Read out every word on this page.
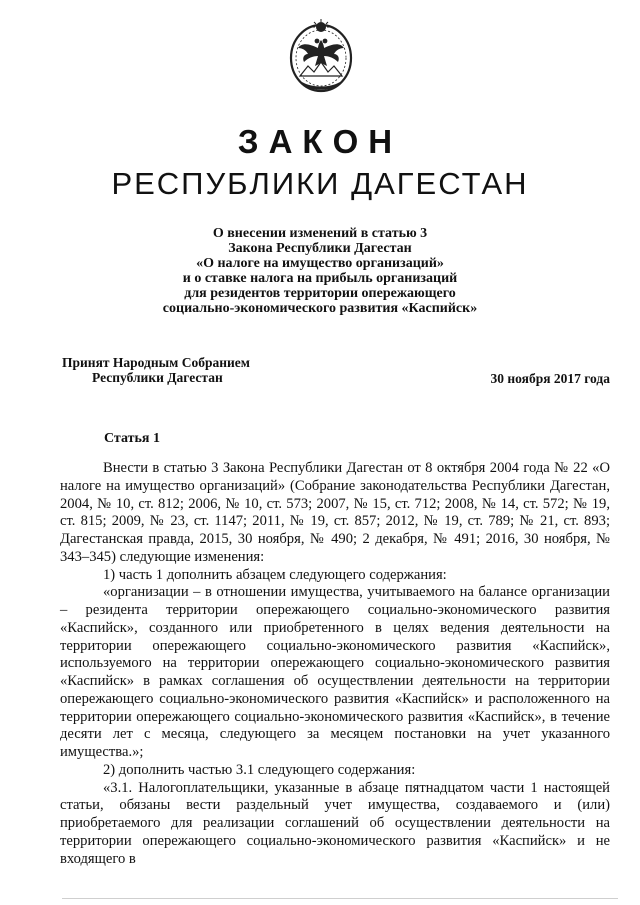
ЗАКОН
РЕСПУБЛИКИ ДАГЕСТАН
О внесении изменений в статью 3
Закона Республики Дагестан
«О налоге на имущество организаций»
и о ставке налога на прибыль организаций
для резидентов территории опережающего
социально-экономического развития «Каспийск»
Принят Народным Собранием
Республики Дагестан	30 ноября 2017 года
Статья 1

Внести в статью 3 Закона Республики Дагестан от 8 октября 2004 года № 22 «О налоге на имущество организаций» (Собрание законодательства Республики Дагестан, 2004, № 10, ст. 812; 2006, № 10, ст. 573; 2007, № 15, ст. 712; 2008, № 14, ст. 572; № 19, ст. 815; 2009, № 23, ст. 1147; 2011, № 19, ст. 857; 2012, № 19, ст. 789; № 21, ст. 893; Дагестанская правда, 2015, 30 ноября, № 490; 2 декабря, № 491; 2016, 30 ноября, № 343–345) следующие изменения:

1) часть 1 дополнить абзацем следующего содержания:

«организации – в отношении имущества, учитываемого на балансе организации – резидента территории опережающего социально-экономического развития «Каспийск», созданного или приобретенного в целях ведения деятельности на территории опережающего социально-экономического развития «Каспийск», используемого на территории опережающего социально-экономического развития «Каспийск» в рамках соглашения об осуществлении деятельности на территории опережающего социально-экономического развития «Каспийск» и расположенного на территории опережающего социально-экономического развития «Каспийск», в течение десяти лет с месяца, следующего за месяцем постановки на учет указанного имущества.»;

2) дополнить частью 3.1 следующего содержания:

«3.1. Налогоплательщики, указанные в абзаце пятнадцатом части 1 настоящей статьи, обязаны вести раздельный учет имущества, создаваемого и (или) приобретаемого для реализации соглашений об осуществлении деятельности на территории опережающего социально-экономического развития «Каспийск» и не входящего в
